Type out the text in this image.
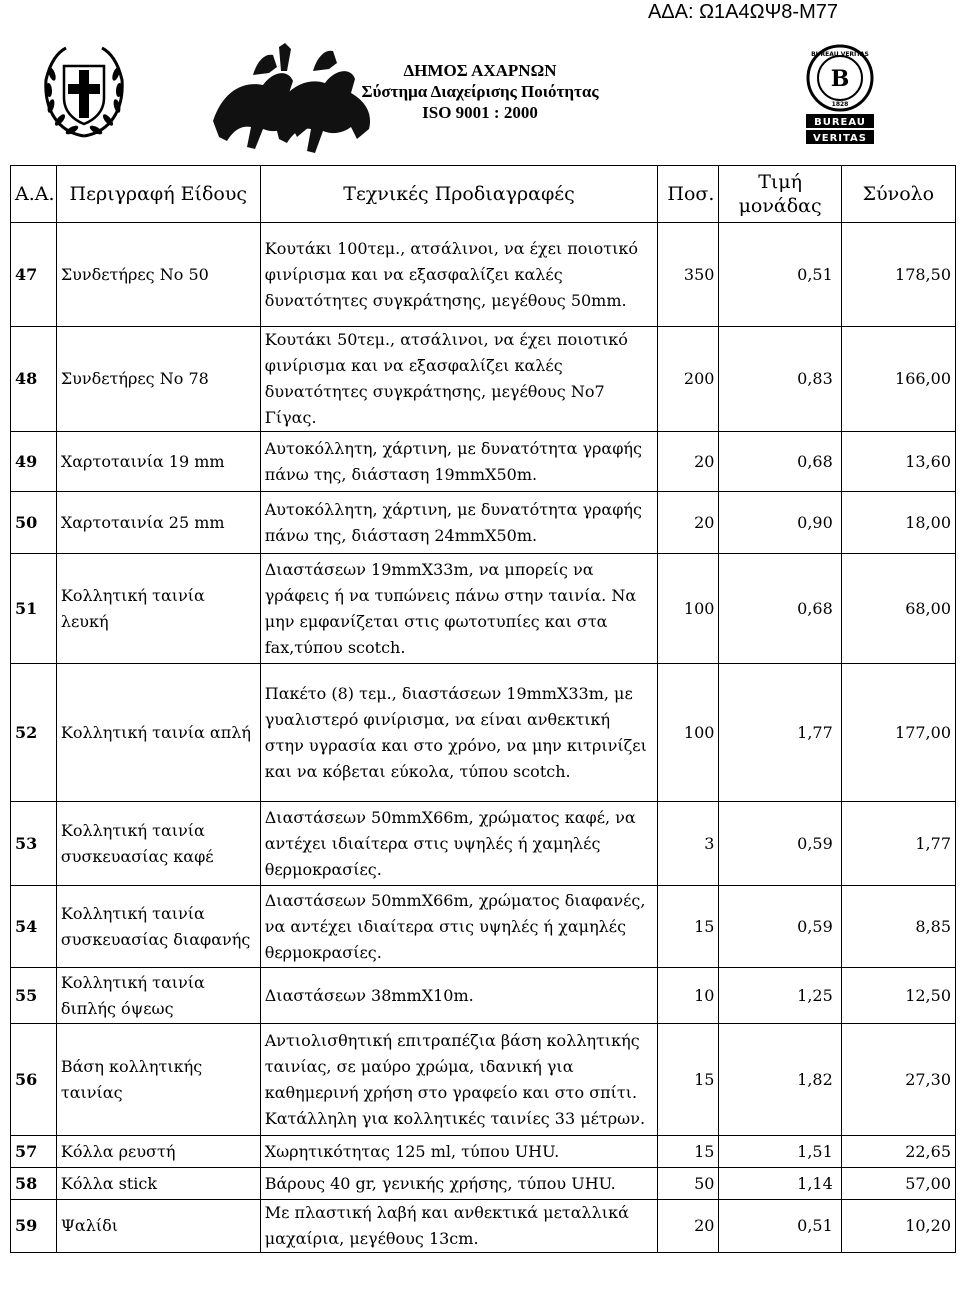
ΑΔΑ: Ω1Α4ΩΨ8-Μ77
BUREAU VERITAS
B
1828
BUREAU
VERITAS
ΔΗΜΟΣ ΑΧΑΡΝΩΝ
Σύστημα Διαχείρισης Ποιότητας
ISO 9001 : 2000
Α.Α.	Περιγραφή Είδους	Τεχνικές Προδιαγραφές	Ποσ.	Τιμή μονάδας	Σύνολο
47	Συνδετήρες Νο 50	Κουτάκι 100τεμ., ατσάλινοι, να έχει ποιοτικό φινίρισμα και να εξασφαλίζει καλές δυνατότητες συγκράτησης, μεγέθους 50mm.	350	0,51	178,50
48	Συνδετήρες Νο 78	Κουτάκι 50τεμ., ατσάλινοι, να έχει ποιοτικό φινίρισμα και να εξασφαλίζει καλές δυνατότητες συγκράτησης, μεγέθους Νο7 Γίγας.	200	0,83	166,00
49	Χαρτοταινία 19 mm	Αυτοκόλλητη, χάρτινη, με δυνατότητα γραφής πάνω της, διάσταση 19mmX50m.	20	0,68	13,60
50	Χαρτοταινία 25 mm	Αυτοκόλλητη, χάρτινη, με δυνατότητα γραφής πάνω της, διάσταση 24mmX50m.	20	0,90	18,00
51	Κολλητική ταινία λευκή	Διαστάσεων 19mmX33m, να μπορείς να γράφεις ή να τυπώνεις πάνω στην ταινία. Να μην εμφανίζεται στις φωτοτυπίες και στα fax,τύπου scotch.	100	0,68	68,00
52	Κολλητική ταινία απλή	Πακέτο (8) τεμ., διαστάσεων 19mmX33m, με γυαλιστερό φινίρισμα, να είναι ανθεκτική στην υγρασία και στο χρόνο, να μην κιτρινίζει και να κόβεται εύκολα, τύπου scotch.	100	1,77	177,00
53	Κολλητική ταινία συσκευασίας καφέ	Διαστάσεων 50mmX66m, χρώματος καφέ, να αντέχει ιδιαίτερα στις υψηλές ή χαμηλές θερμοκρασίες.	3	0,59	1,77
54	Κολλητική ταινία συσκευασίας διαφανής	Διαστάσεων 50mmX66m, χρώματος διαφανές, να αντέχει ιδιαίτερα στις υψηλές ή χαμηλές θερμοκρασίες.	15	0,59	8,85
55	Κολλητική ταινία διπλής όψεως	Διαστάσεων 38mmX10m.	10	1,25	12,50
56	Βάση κολλητικής ταινίας	Αντιολισθητική επιτραπέζια βάση κολλητικής ταινίας, σε μαύρο χρώμα, ιδανική για καθημερινή χρήση στο γραφείο και στο σπίτι. Κατάλληλη για κολλητικές ταινίες 33 μέτρων.	15	1,82	27,30
57	Κόλλα ρευστή	Χωρητικότητας 125 ml, τύπου UHU.	15	1,51	22,65
58	Κόλλα stick	Βάρους 40 gr, γενικής χρήσης, τύπου UHU.	50	1,14	57,00
59	Ψαλίδι	Με πλαστική λαβή και ανθεκτικά μεταλλικά μαχαίρια, μεγέθους 13cm.	20	0,51	10,20
